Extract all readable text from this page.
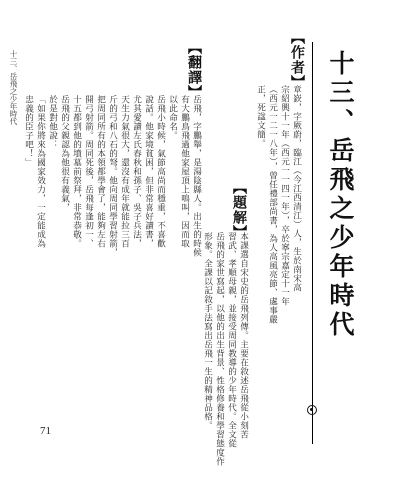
十三、岳飛之少年時代
【作者】
章嶔，字厥蔚，臨江（今江西清江）人，生於南宋高
宗紹興十一年（西元一一四一年），卒於寧宗嘉定十一年
（西元一二一八年），曾任禮部尚書，為人高風亮節、處事嚴
正，死諡文簡。
【題解】
本課選自宋史的岳飛列傳。主要在敘述岳飛從小刻苦
習武、孝順母親，並接受周同教導的少年時代。全文從
岳飛的家世寫起，以他的出生背景、性格修養和學習態度作
形象。全課以記敘手法寫出岳飛一生的精神品格。
【翻譯】
岳飛，字鵬舉，是湯陰縣人。出生的時候
有大鵬鳥飛過他家屋頂上鳴叫，因而取
以此命名。
岳飛小時候，氣節高尚而穩重，不喜歡
說話。他家境貧困，但非常喜好讀書，
尤其愛讀左氏春秋和孫子、吳子兵法，
天生力氣很大，還沒有成年就能拉三百
斤的弓和八石的弩。他向周同學習射箭，
把周同所有的本領都學會了，能夠左右
開弓射箭。周同死後，岳飛每逢初一、
十五都到他的墳墓前祭拜，非常恭敬。
岳飛的父親認為他很有義氣，
於是對他說：
「如果你將來為國家效力，一定能成為
忠義的臣子吧！」
十三、岳飛之少年時代
71
